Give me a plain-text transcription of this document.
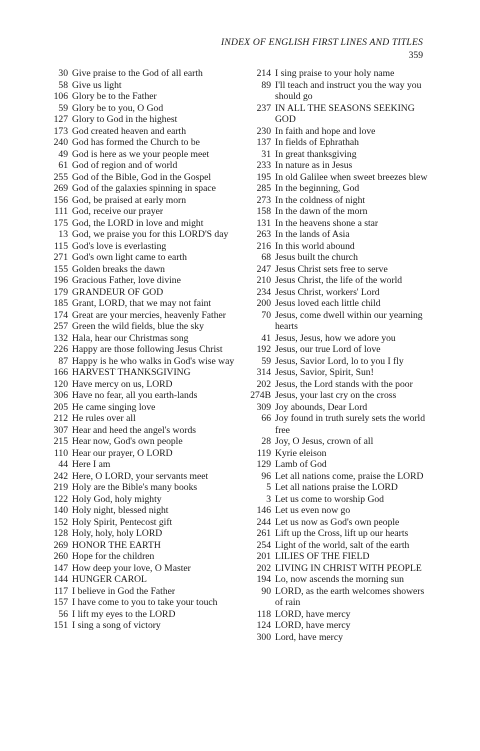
INDEX OF ENGLISH FIRST LINES AND TITLES
359
30 Give praise to the God of all earth
58 Give us light
106 Glory be to the Father
59 Glory be to you, O God
127 Glory to God in the highest
173 God created heaven and earth
240 God has formed the Church to be
49 God is here as we your people meet
61 God of region and of world
255 God of the Bible, God in the Gospel
269 God of the galaxies spinning in space
156 God, be praised at early morn
111 God, receive our prayer
175 God, the LORD in love and might
13 God, we praise you for this LORD'S day
115 God's love is everlasting
271 God's own light came to earth
155 Golden breaks the dawn
196 Gracious Father, love divine
179 GRANDEUR OF GOD
185 Grant, LORD, that we may not faint
174 Great are your mercies, heavenly Father
257 Green the wild fields, blue the sky
132 Hala, hear our Christmas song
226 Happy are those following Jesus Christ
87 Happy is he who walks in God's wise way
166 HARVEST THANKSGIVING
120 Have mercy on us, LORD
306 Have no fear, all you earth-lands
205 He came singing love
212 He rules over all
307 Hear and heed the angel's words
215 Hear now, God's own people
110 Hear our prayer, O LORD
44 Here I am
242 Here, O LORD, your servants meet
219 Holy are the Bible's many books
122 Holy God, holy mighty
140 Holy night, blessed night
152 Holy Spirit, Pentecost gift
128 Holy, holy, holy LORD
269 HONOR THE EARTH
260 Hope for the children
147 How deep your love, O Master
144 HUNGER CAROL
117 I believe in God the Father
157 I have come to you to take your touch
56 I lift my eyes to the LORD
151 I sing a song of victory
214 I sing praise to your holy name
89 I'll teach and instruct you the way you should go
237 IN ALL THE SEASONS SEEKING GOD
230 In faith and hope and love
137 In fields of Ephrathah
31 In great thanksgiving
233 In nature as in Jesus
195 In old Galilee when sweet breezes blew
285 In the beginning, God
273 In the coldness of night
158 In the dawn of the morn
131 In the heavens shone a star
263 In the lands of Asia
216 In this world abound
68 Jesus built the church
247 Jesus Christ sets free to serve
210 Jesus Christ, the life of the world
234 Jesus Christ, workers' Lord
200 Jesus loved each little child
70 Jesus, come dwell within our yearning hearts
41 Jesus, Jesus, how we adore you
192 Jesus, our true Lord of love
59 Jesus, Savior Lord, lo to you I fly
314 Jesus, Savior, Spirit, Sun!
202 Jesus, the Lord stands with the poor
274B Jesus, your last cry on the cross
309 Joy abounds, Dear Lord
66 Joy found in truth surely sets the world free
28 Joy, O Jesus, crown of all
119 Kyrie eleison
129 Lamb of God
96 Let all nations come, praise the LORD
5 Let all nations praise the LORD
3 Let us come to worship God
146 Let us even now go
244 Let us now as God's own people
261 Lift up the Cross, lift up our hearts
254 Light of the world, salt of the earth
201 LILIES OF THE FIELD
202 LIVING IN CHRIST WITH PEOPLE
194 Lo, now ascends the morning sun
90 LORD, as the earth welcomes showers of rain
118 LORD, have mercy
124 LORD, have mercy
300 Lord, have mercy
